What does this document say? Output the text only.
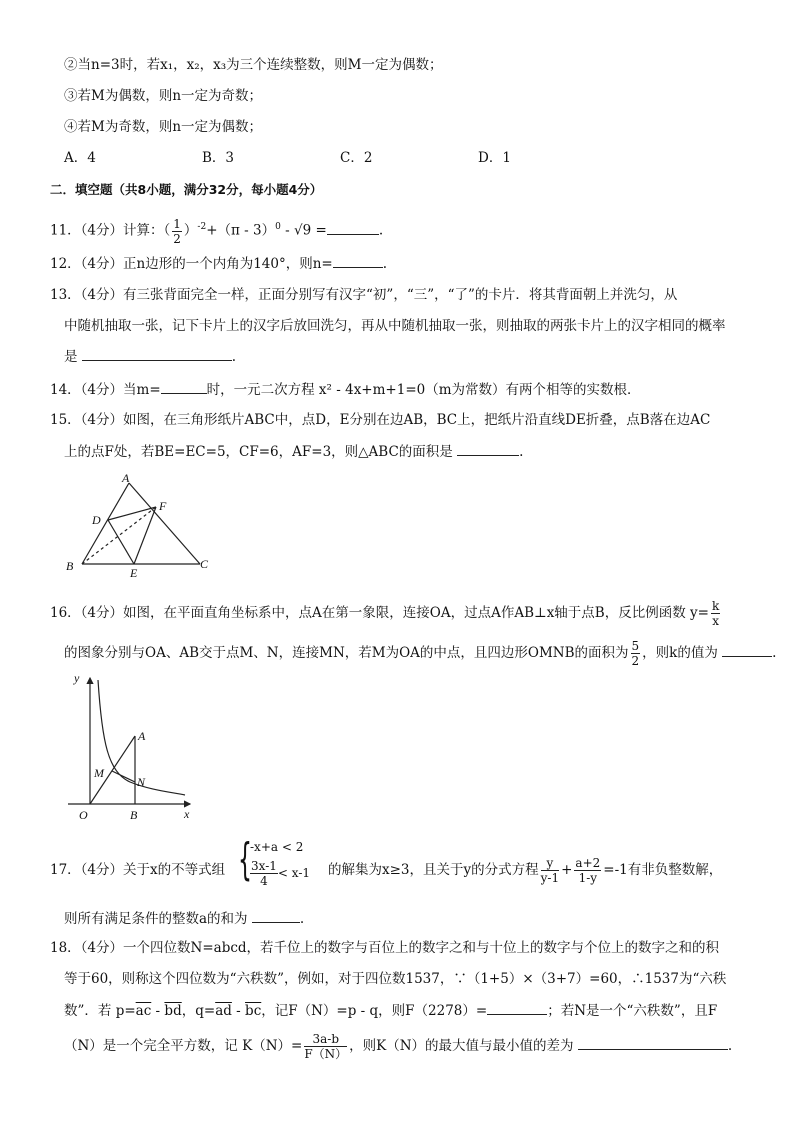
②当n=3时，若x₁，x₂，x₃为三个连续整数，则M一定为偶数；
③若M为偶数，则n一定为奇数；
④若M为奇数，则n一定为偶数；
A．4	B．3	C．2	D．1
二．填空题（共8小题，满分32分，每小题4分）
11．（4分）计算：（ $\frac{1}{2} )^{-2}+(\pi - 3)^0 - √9$ =	.
12．（4分）正n边形的一个内角为140°，则n=	.
13．（4分）有三张背面完全一样，正面分别写有汉字“初”，“三”，“了”的卡片．将其背面朝上并洗匀，从
中随机抽取一张，记下卡片上的汉字后放回洗匀，再从中随机抽取一张，则抽取的两张卡片上的汉字相同的概率
是	.
14．（4分）当m=	时，一元二次方程 x² - 4x+m+1=0（m为常数）有两个相等的实数根．
15．（4分）如图，在三角形纸片ABC中，点D，E分别在边AB，BC上，把纸片沿直线DE折叠，点B落在边AC
上的点F处，若BE=EC=5，CF=6，AF=3，则△ABC的面积是	.
A
B	C
D
E
F
16．（4分）如图，在平面直角坐标系中，点A在第一象限，连接OA，过点A作AB⊥x轴于点B，反比例函数 $y= \frac{k}{x}$
的图象分别与OA、AB交于点M、N，连接MN，若M为OA的中点，且四边形OMNB的面积为 $\frac{5}{2}$ ，则k的值为	.
y
x
O	B
A
M
N
17．（4分）关于x的不等式组 {
-x+a < 2
$\frac{3x-1}{4} < x-1$ 的解集为x≥3，且关于y的分式方程 $\frac{y}{y-1} + \frac{a+2}{1-y} =-1$有非负整数解，
则所有满足条件的整数a的和为	.
18．（4分）一个四位数N=abcd，若千位上的数字与百位上的数字之和与十位上的数字与个位上的数字之和的积
等于60，则称这个四位数为“六秩数”，例如，对于四位数1537，∵（1+5）×（3+7）=60，∴1537为“六秩
数”．若 $p=\overline{ac} - \overline{bd}$，$q=\overline{ad} - \overline{bc}$，记F（N）=p - q，则F（2278）=	；若N是一个“六秩数”，且F
（N）是一个完全平方数，记 $K(N)= \frac{3a-b}{F(N)}$ ，则K（N）的最大值与最小值的差为	.
